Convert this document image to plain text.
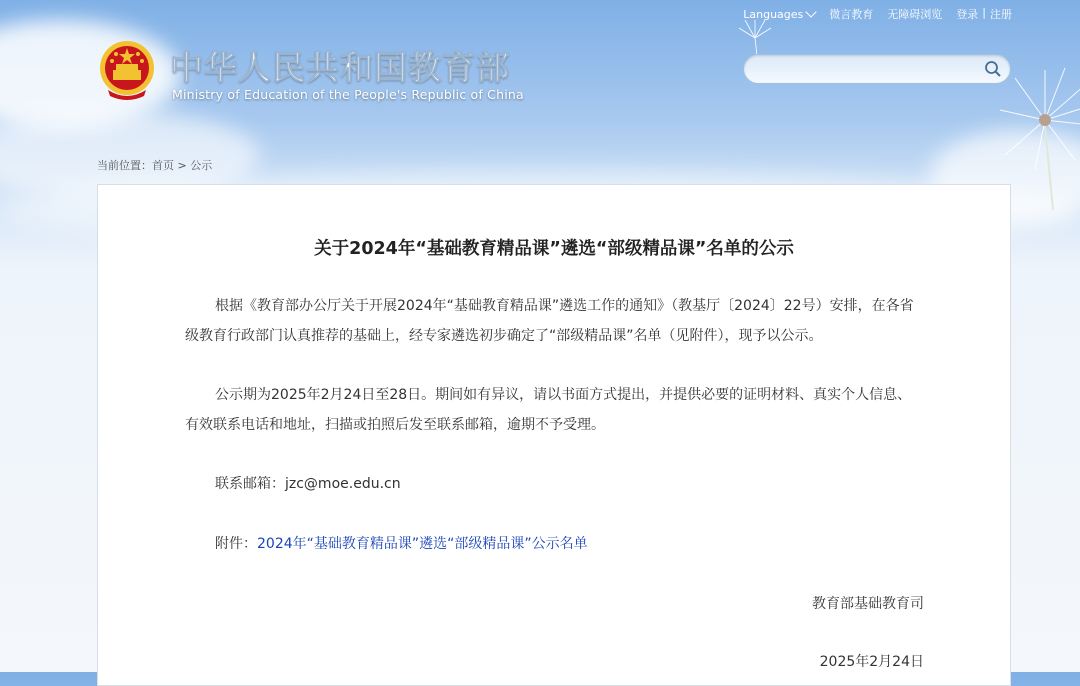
Languages 微言教育 无障碍浏览 登录 | 注册
中华人民共和国教育部
Ministry of Education of the People's Republic of China
当前位置：首页 > 公示
关于2024年“基础教育精品课”遴选“部级精品课”名单的公示
根据《教育部办公厅关于开展2024年“基础教育精品课”遴选工作的通知》（教基厅〔2024〕22号）安排，在各省级教育行政部门认真推荐的基础上，经专家遴选初步确定了“部级精品课”名单（见附件），现予以公示。
公示期为2025年2月24日至28日。期间如有异议，请以书面方式提出，并提供必要的证明材料、真实个人信息、有效联系电话和地址，扫描或拍照后发至联系邮箱，逾期不予受理。
联系邮箱：jzc@moe.edu.cn
附件：2024年“基础教育精品课”遴选“部级精品课”公示名单
教育部基础教育司
2025年2月24日
